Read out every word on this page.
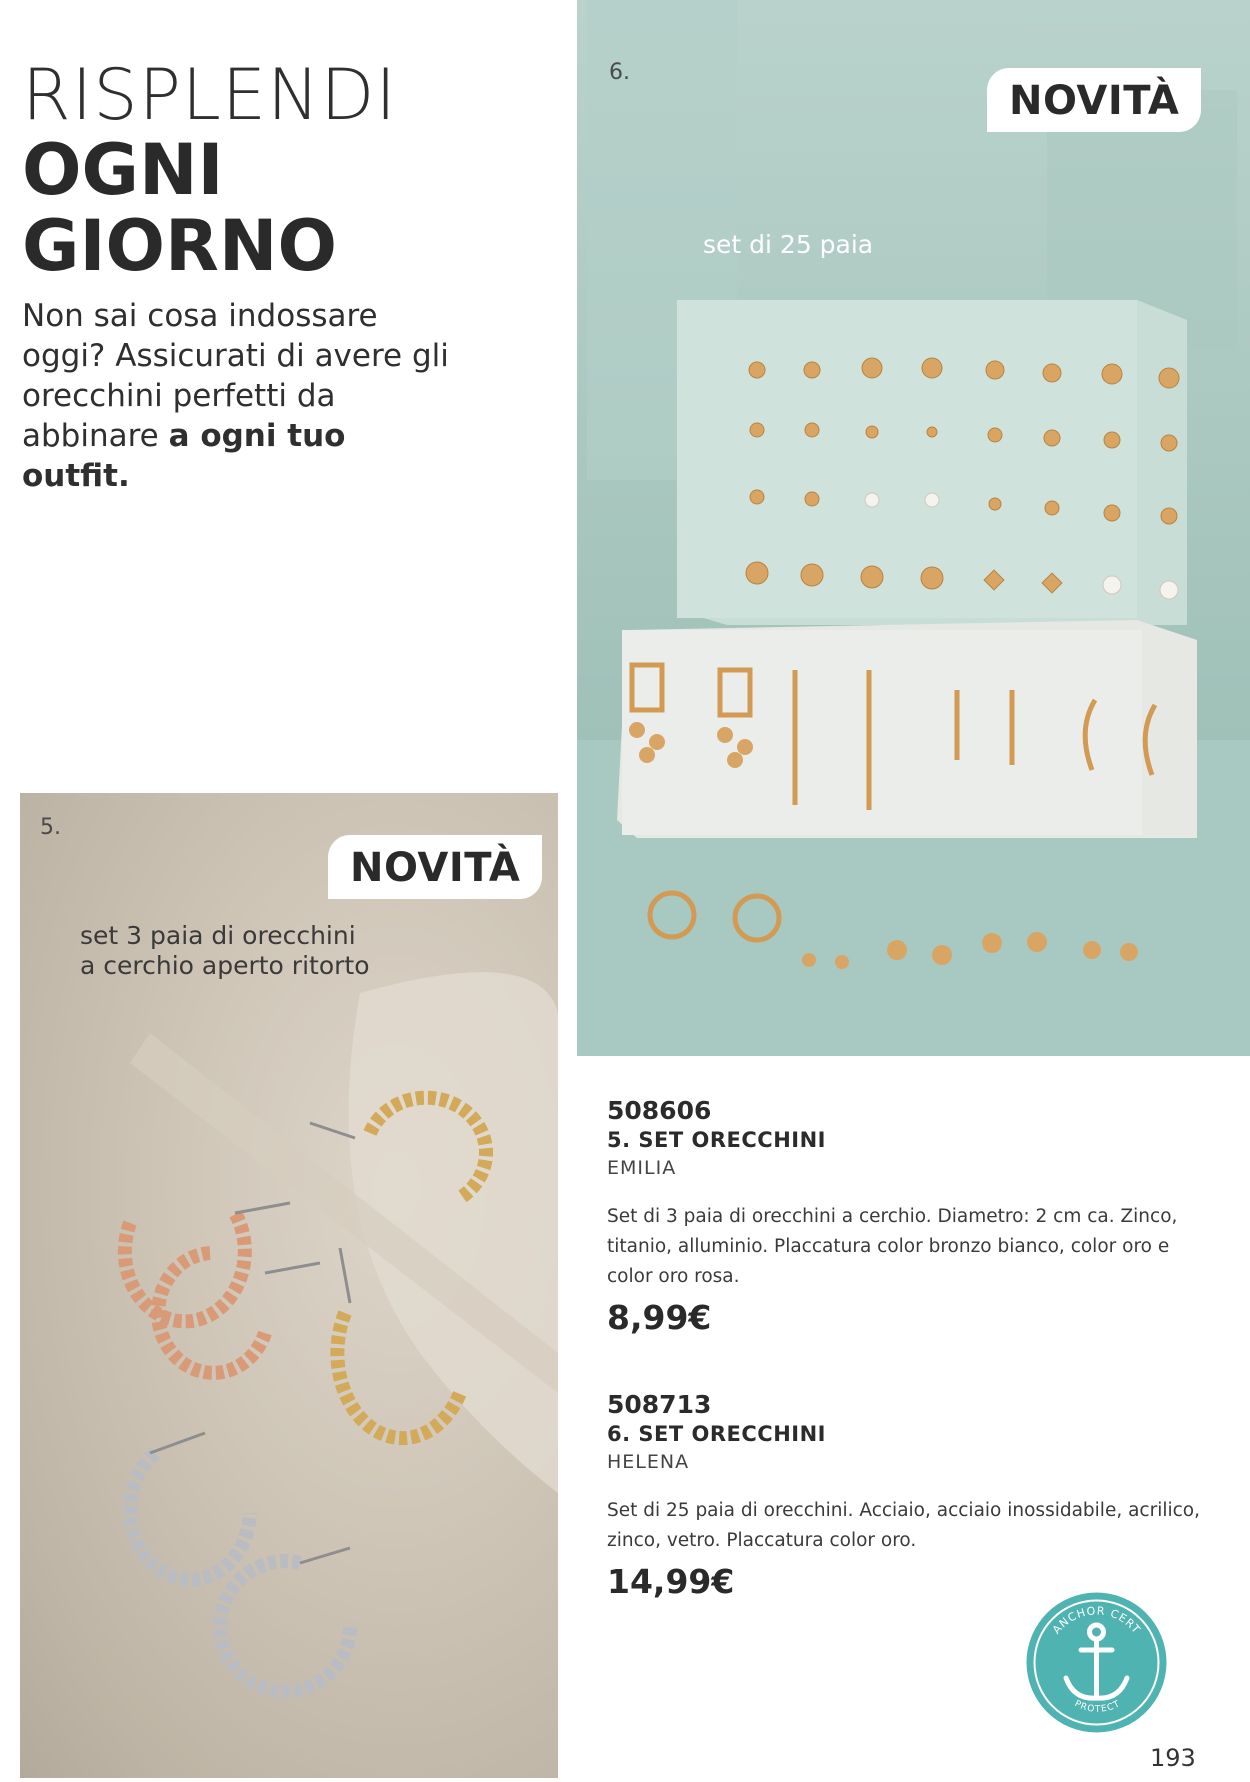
RISPLENDI
OGNI
GIORNO
Non sai cosa indossare oggi? Assicurati di avere gli orecchini perfetti da abbinare a ogni tuo outfit.
6.
NOVITÀ
set di 25 paia
5.
NOVITÀ
set 3 paia di orecchini
a cerchio aperto ritorto
508606
5. SET ORECCHINI
EMILIA
Set di 3 paia di orecchini a cerchio. Diametro: 2 cm ca. Zinco, titanio, alluminio. Placcatura color bronzo bianco, color oro e color oro rosa.
8,99€
508713
6. SET ORECCHINI
HELENA
Set di 25 paia di orecchini. Acciaio, acciaio inossidabile, acrilico, zinco, vetro. Placcatura color oro.
14,99€
ANCHOR CERT
PROTECT
193
